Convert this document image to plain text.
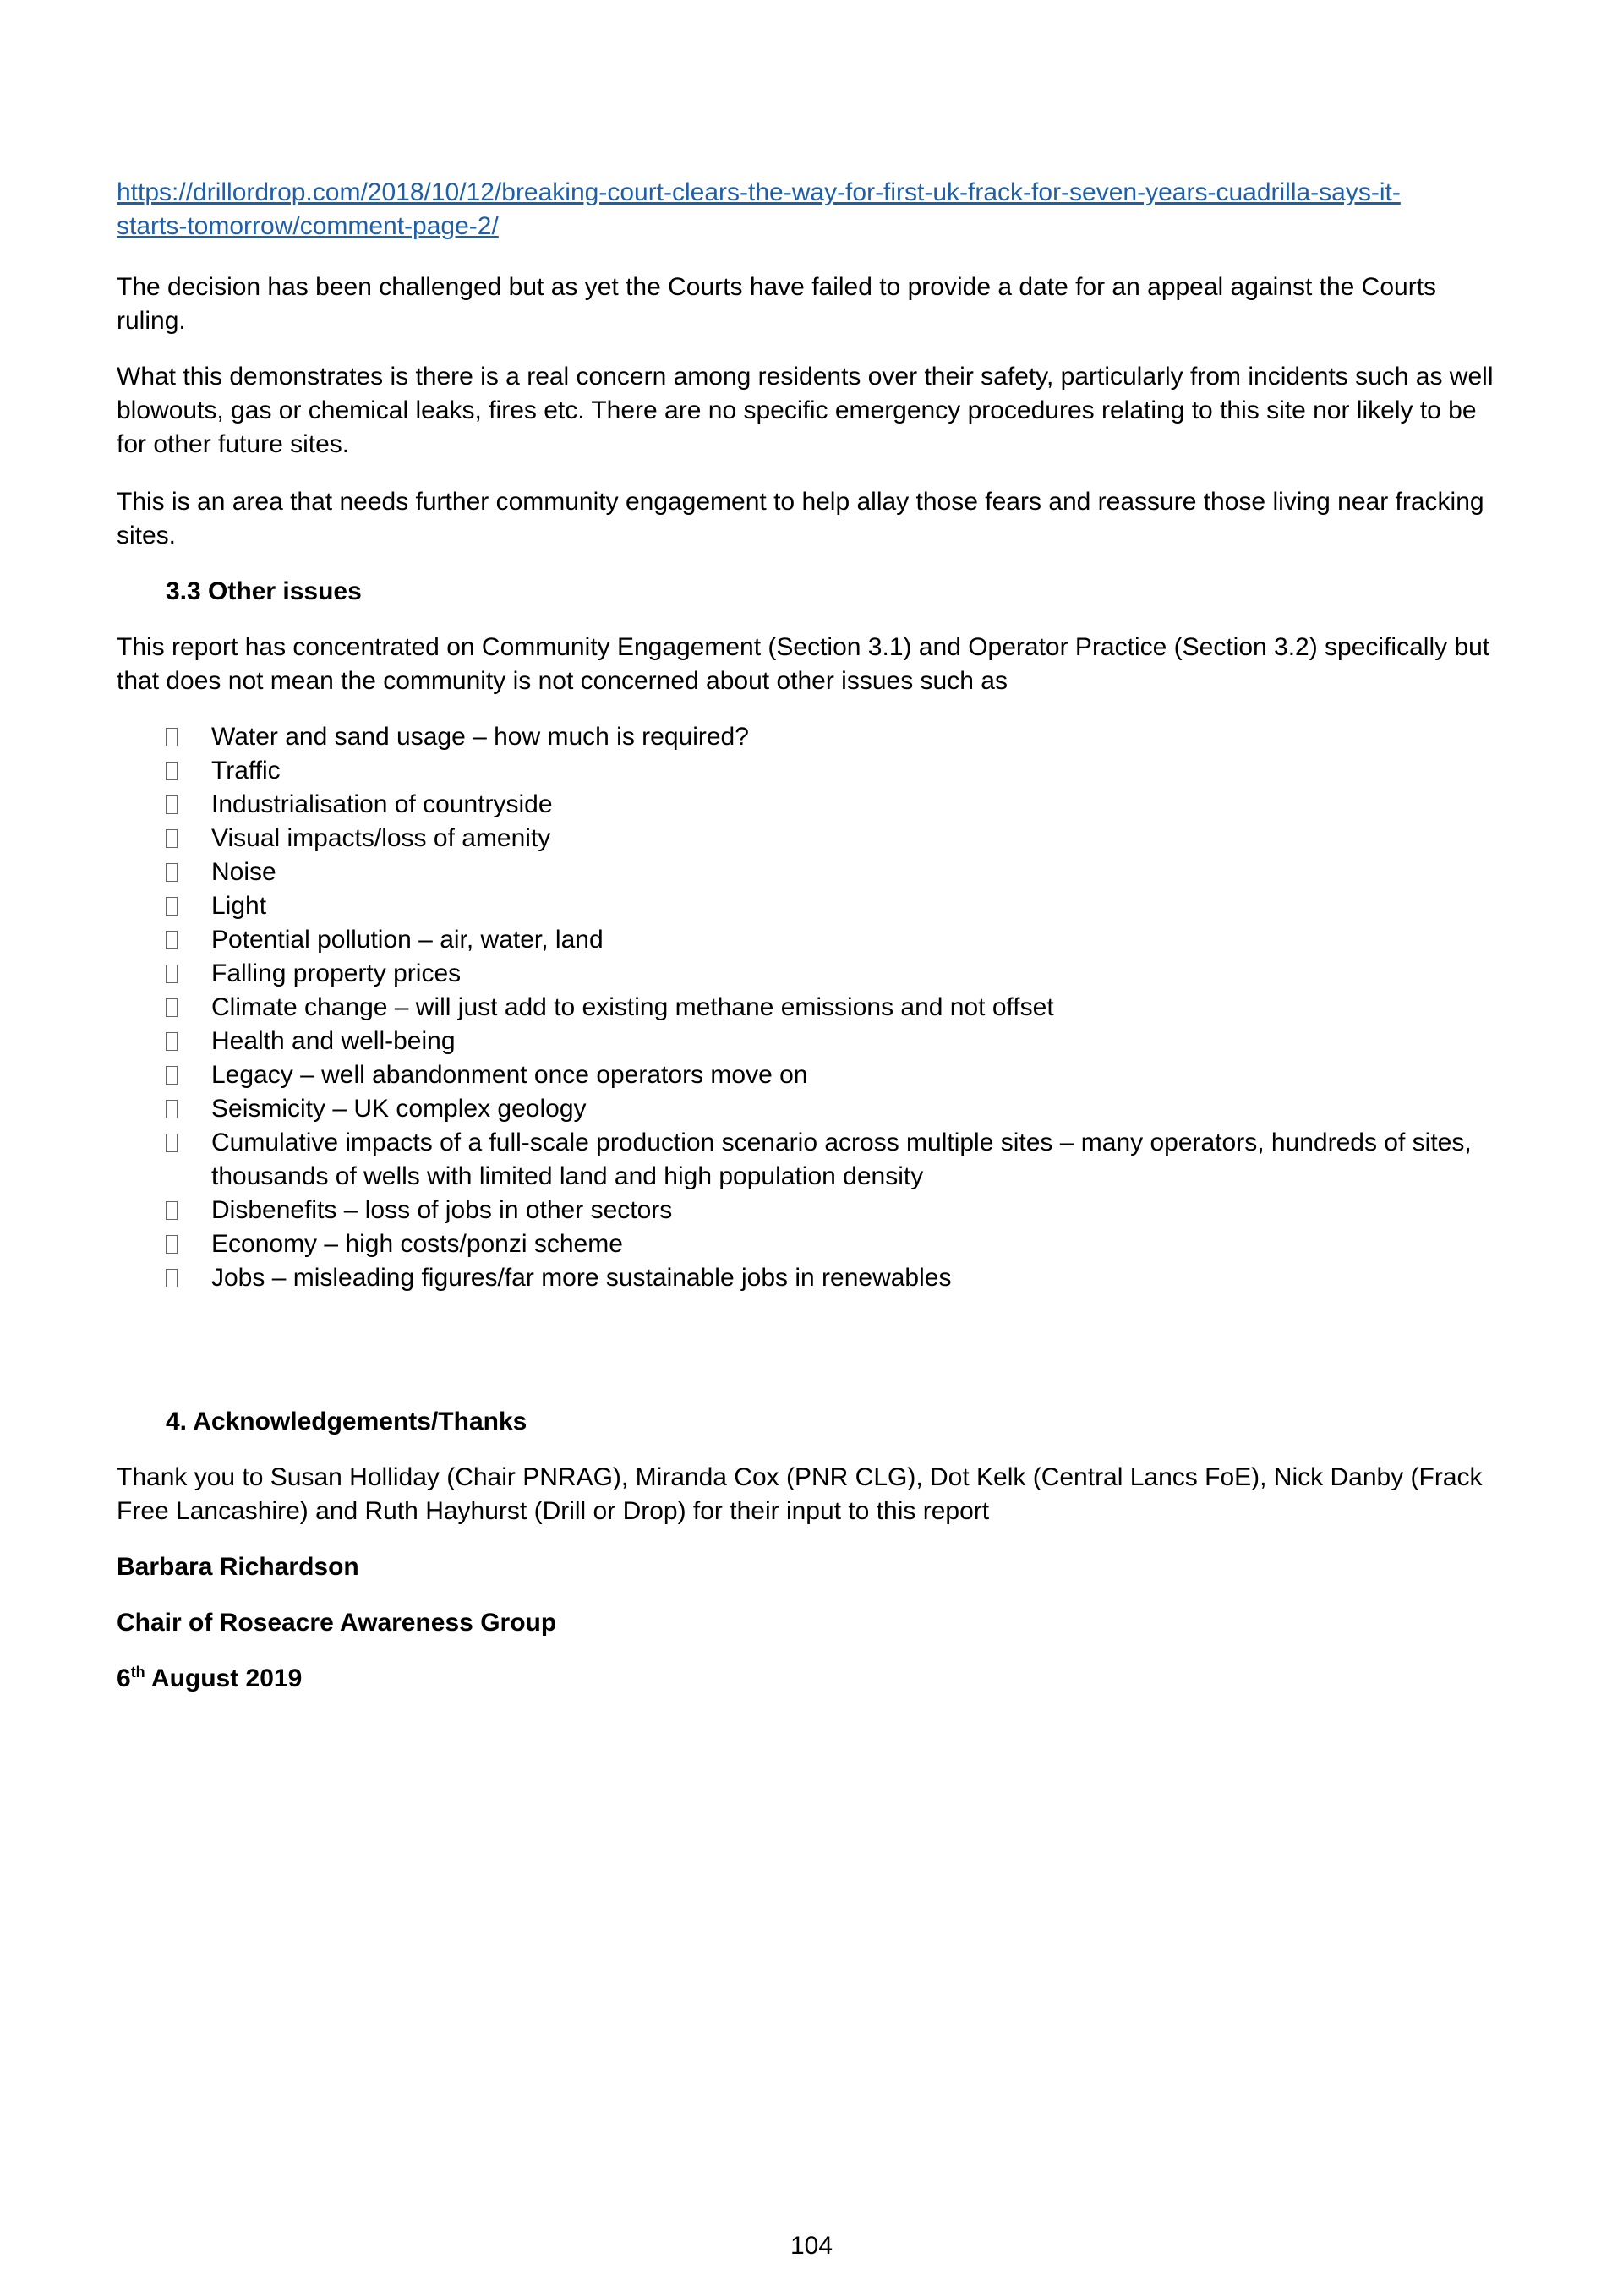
https://drillordrop.com/2018/10/12/breaking-court-clears-the-way-for-first-uk-frack-for-seven-years-cuadrilla-says-it-
starts-tomorrow/comment-page-2/

The decision has been challenged but as yet the Courts have failed to provide a date for an appeal against the Courts ruling.

What this demonstrates is there is a real concern among residents over their safety, particularly from incidents such as well blowouts, gas or chemical leaks, fires etc. There are no specific emergency procedures relating to this site nor likely to be for other future sites.

This is an area that needs further community engagement to help allay those fears and reassure those living near fracking sites.

3.3 Other issues

This report has concentrated on Community Engagement (Section 3.1) and Operator Practice (Section 3.2) specifically but that does not mean the community is not concerned about other issues such as

Water and sand usage – how much is required?
Traffic
Industrialisation of countryside
Visual impacts/loss of amenity
Noise
Light
Potential pollution – air, water, land
Falling property prices
Climate change – will just add to existing methane emissions and not offset
Health and well-being
Legacy – well abandonment once operators move on
Seismicity – UK complex geology
Cumulative impacts of a full-scale production scenario across multiple sites – many operators, hundreds of sites, thousands of wells with limited land and high population density
Disbenefits – loss of jobs in other sectors
Economy – high costs/ponzi scheme
Jobs – misleading figures/far more sustainable jobs in renewables

4. Acknowledgements/Thanks

Thank you to Susan Holliday (Chair PNRAG), Miranda Cox (PNR CLG), Dot Kelk (Central Lancs FoE), Nick Danby (Frack Free Lancashire) and Ruth Hayhurst (Drill or Drop) for their input to this report

Barbara Richardson

Chair of Roseacre Awareness Group

6th August 2019

104
